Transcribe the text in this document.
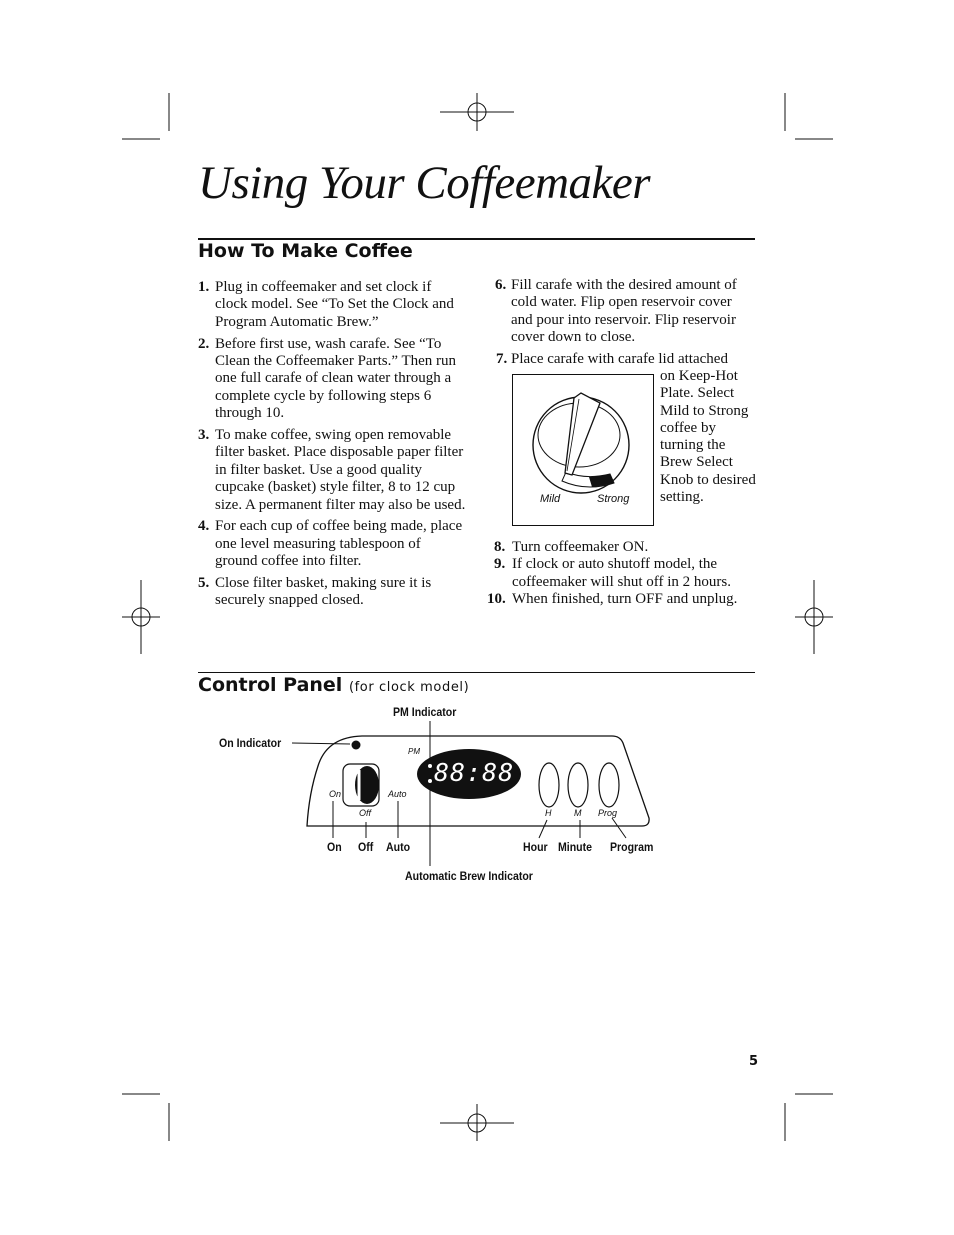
Using Your Coffeemaker
How To Make Coffee
1. Plug in coffeemaker and set clock if clock model. See “To Set the Clock and Program Automatic Brew.”
2. Before first use, wash carafe. See “To Clean the Coffeemaker Parts.” Then run one full carafe of clean water through a complete cycle by following steps 6 through 10.
3. To make coffee, swing open removable filter basket. Place disposable paper filter in filter basket. Use a good quality cupcake (basket) style filter, 8 to 12 cup size. A permanent filter may also be used.
4. For each cup of coffee being made, place one level measuring tablespoon of ground coffee into filter.
5. Close filter basket, making sure it is securely snapped closed.
6. Fill carafe with the desired amount of cold water. Flip open reservoir cover and pour into reservoir. Flip reservoir cover down to close.
7. Place carafe with carafe lid attached
on Keep-Hot Plate. Select Mild to Strong coffee by turning the Brew Select Knob to desired setting.
Mild	Strong
8. Turn coffeemaker ON.
9. If clock or auto shutoff model, the coffeemaker will shut off in 2 hours.
10. When finished, turn OFF and unplug.
Control Panel (for clock model)
PM
On
Off
Auto
88:88
H	M Prog
PM Indicator
On Indicator
On Off Auto	Hour Minute Program
Automatic Brew Indicator
5
